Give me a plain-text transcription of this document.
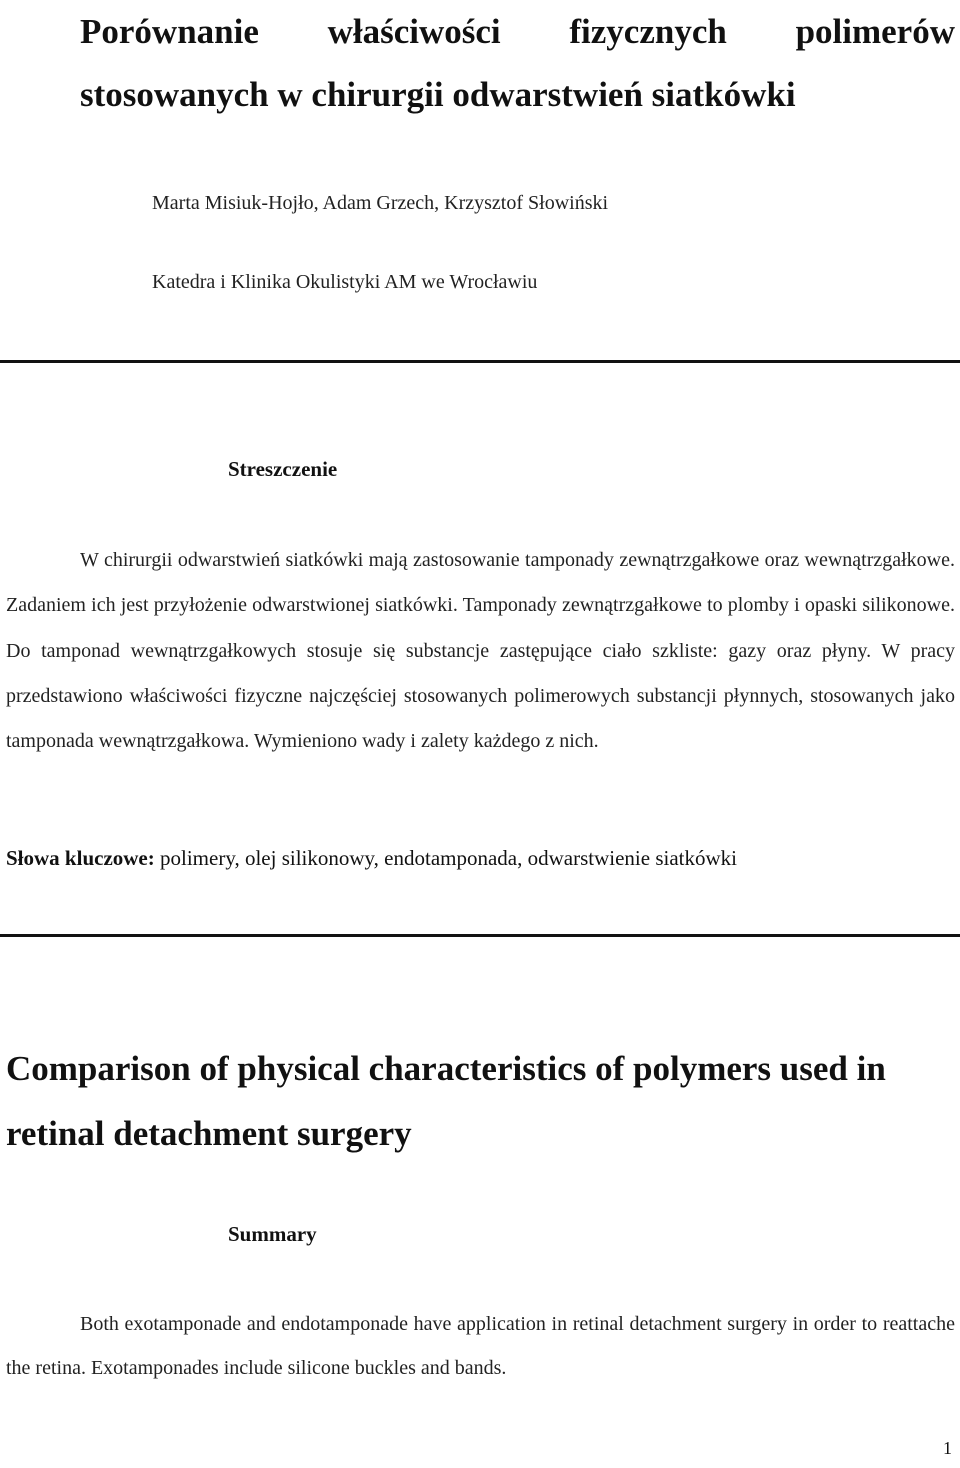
Porównanie właściwości fizycznych polimerów stosowanych w chirurgii odwarstwień siatkówki

Marta Misiuk-Hojło, Adam Grzech, Krzysztof Słowiński

Katedra i Klinika Okulistyki AM we Wrocławiu

Streszczenie

W chirurgii odwarstwień siatkówki mają zastosowanie tamponady zewnątrzgałkowe oraz wewnątrzgałkowe. Zadaniem ich jest przyłożenie odwarstwionej siatkówki. Tamponady zewnątrzgałkowe to plomby i opaski silikonowe. Do tamponad wewnątrzgałkowych stosuje się substancje zastępujące ciało szkliste: gazy oraz płyny. W pracy przedstawiono właściwości fizyczne najczęściej stosowanych polimerowych substancji płynnych, stosowanych jako tamponada wewnątrzgałkowa. Wymieniono wady i zalety każdego z nich.

Słowa kluczowe: polimery, olej silikonowy, endotamponada, odwarstwienie siatkówki

Comparison of physical characteristics of polymers used in retinal detachment surgery
Summary

Both exotamponade and endotamponade have application in retinal detachment surgery in order to reattache the retina. Exotamponades include silicone buckles and bands.

1
